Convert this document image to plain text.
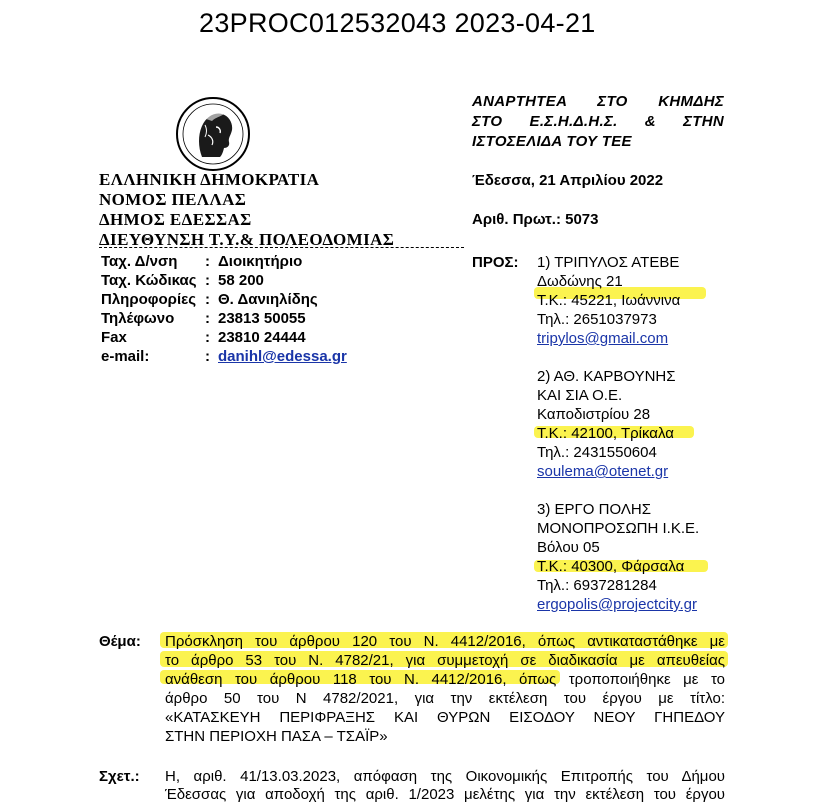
23PROC012532043 2023-04-21
ΕΛΛΗΝΙΚΗ ΔΗΜΟΚΡΑΤΙΑ
ΝΟΜΟΣ ΠΕΛΛΑΣ
ΔΗΜΟΣ ΕΔΕΣΣΑΣ
ΔΙΕΥΘΥΝΣΗ Τ.Υ.& ΠΟΛΕΟΔΟΜΙΑΣ
Ταχ. Δ/νση : Διοικητήριο
Ταχ. Κώδικας : 58 200
Πληροφορίες : Θ. Δανιηλίδης
Τηλέφωνο : 23813 50055
Fax	: 23810 24444
e-mail:	: danihl@edessa.gr
ΑΝΑΡΤΗΤΕΑ ΣΤΟ ΚΗΜΔΗΣ
ΣΤΟ Ε.Σ.Η.Δ.Η.Σ. & ΣΤΗΝ
ΙΣΤΟΣΕΛΙΔΑ ΤΟΥ ΤΕΕ
Έδεσσα, 21 Απριλίου 2022
Αριθ. Πρωτ.: 5073
ΠΡΟΣ: 1) ΤΡΙΠΥΛΟΣ ΑΤΕΒΕ
Δωδώνης 21
Τ.Κ.: 45221, Ιωάννινα
Τηλ.: 2651037973
tripylos@gmail.com
2) ΑΘ. ΚΑΡΒΟΥΝΗΣ
ΚΑΙ ΣΙΑ Ο.Ε.
Καποδιστρίου 28
Τ.Κ.: 42100, Τρίκαλα
Τηλ.: 2431550604
soulema@otenet.gr
3) ΕΡΓΟ ΠΟΛΗΣ
ΜΟΝΟΠΡΟΣΩΠΗ Ι.Κ.Ε.
Βόλου 05
Τ.Κ.: 40300, Φάρσαλα
Τηλ.: 6937281284
ergopolis@projectcity.gr
Θέμα: Πρόσκληση του άρθρου 120 του Ν. 4412/2016, όπως αντικαταστάθηκε με
το άρθρο 53 του Ν. 4782/21, για συμμετοχή σε διαδικασία με απευθείας
ανάθεση του άρθρου 118 του Ν. 4412/2016, όπως τροποποιήθηκε με το
άρθρο 50 του Ν 4782/2021, για την εκτέλεση του έργου με τίτλο:
«ΚΑΤΑΣΚΕΥΗ ΠΕΡΙΦΡΑΞΗΣ ΚΑΙ ΘΥΡΩΝ ΕΙΣΟΔΟΥ ΝΕΟΥ ΓΗΠΕΔΟΥ
ΣΤΗΝ ΠΕΡΙΟΧΗ ΠΑΣΑ – ΤΣΑΪΡ»
Σχετ.: Η, αριθ. 41/13.03.2023, απόφαση της Οικονομικής Επιτροπής του Δήμου
Έδεσσας για αποδοχή της αριθ. 1/2023 μελέτης για την εκτέλεση του έργου
